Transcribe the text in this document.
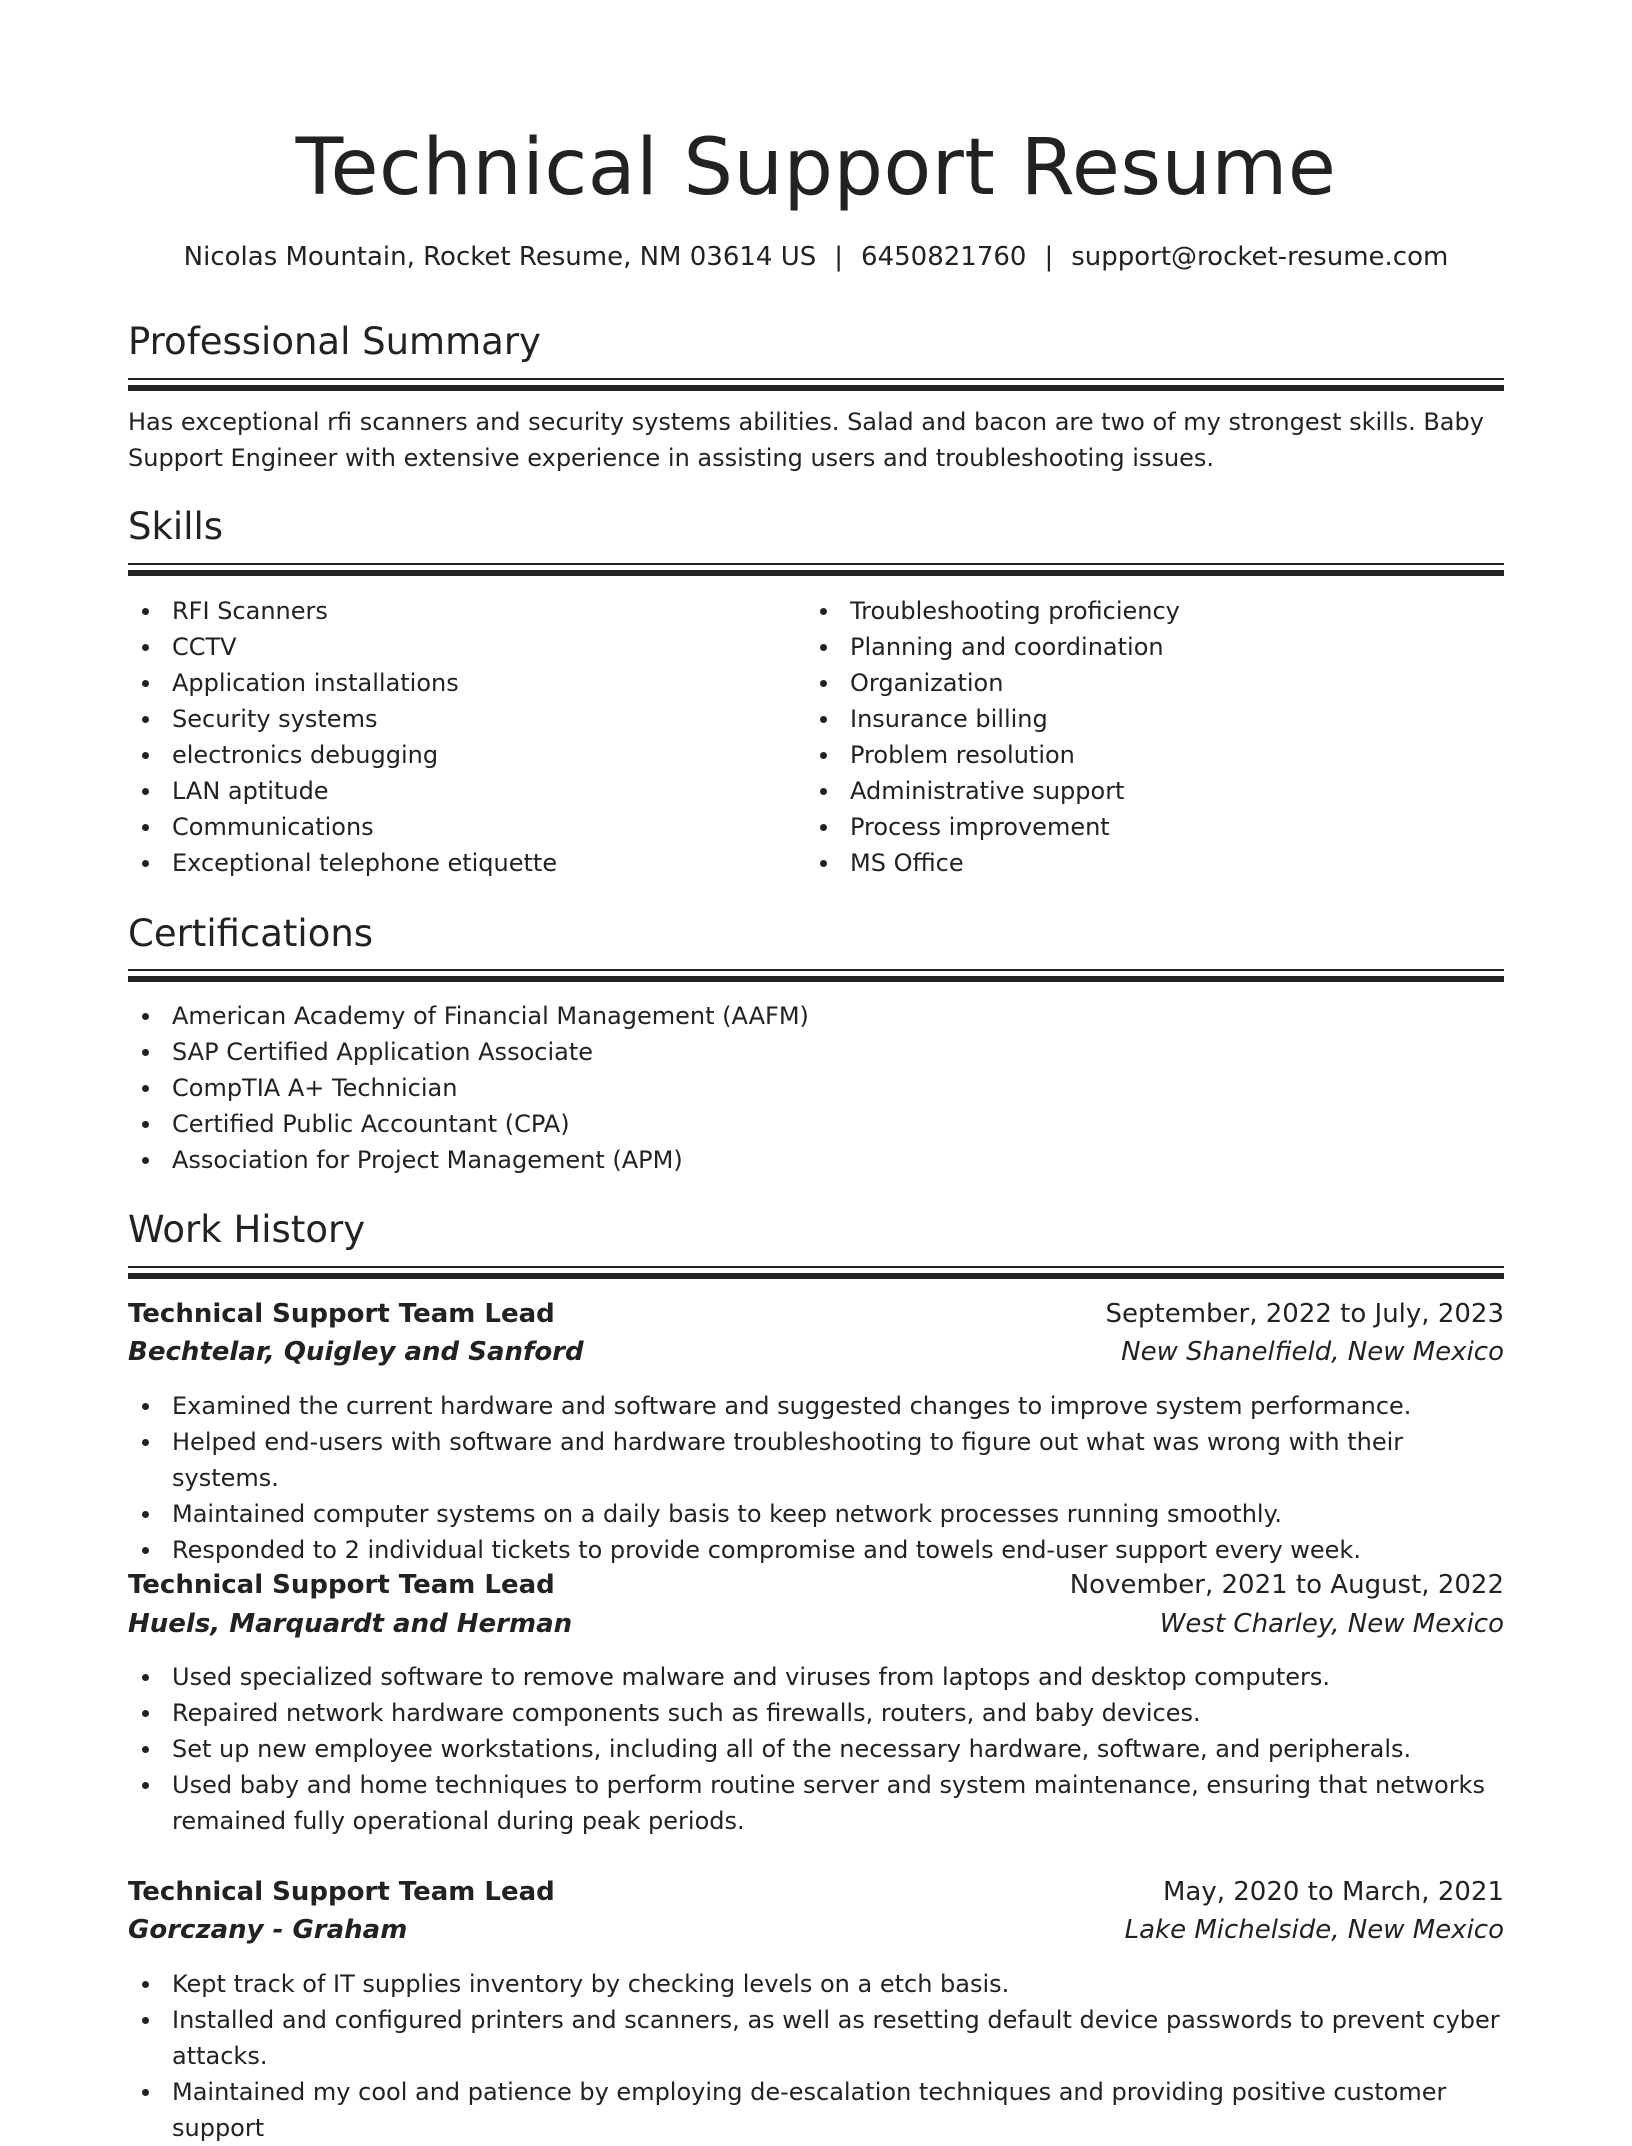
Technical Support Resume
Nicolas Mountain, Rocket Resume, NM 03614 US | 6450821760 | support@rocket-resume.com
Professional Summary

Has exceptional rfi scanners and security systems abilities. Salad and bacon are two of my strongest skills. Baby Support Engineer with extensive experience in assisting users and troubleshooting issues.

Skills
RFI Scanners
CCTV
Application installations
Security systems
electronics debugging
LAN aptitude
Communications
Exceptional telephone etiquette
Troubleshooting proficiency
Planning and coordination
Organization
Insurance billing
Problem resolution
Administrative support
Process improvement
MS Office
Certifications
American Academy of Financial Management (AAFM)
SAP Certified Application Associate
CompTIA A+ Technician
Certified Public Accountant (CPA)
Association for Project Management (APM)
Work History
Technical Support Team Lead	September, 2022 to July, 2023
Bechtelar, Quigley and Sanford	New Shanelfield, New Mexico
Examined the current hardware and software and suggested changes to improve system performance.
Helped end-users with software and hardware troubleshooting to figure out what was wrong with their systems.
Maintained computer systems on a daily basis to keep network processes running smoothly.
Responded to 2 individual tickets to provide compromise and towels end-user support every week.
Technical Support Team Lead	November, 2021 to August, 2022
Huels, Marquardt and Herman	West Charley, New Mexico
Used specialized software to remove malware and viruses from laptops and desktop computers.
Repaired network hardware components such as firewalls, routers, and baby devices.
Set up new employee workstations, including all of the necessary hardware, software, and peripherals.
Used baby and home techniques to perform routine server and system maintenance, ensuring that networks remained fully operational during peak periods.
Technical Support Team Lead	May, 2020 to March, 2021
Gorczany - Graham	Lake Michelside, New Mexico
Kept track of IT supplies inventory by checking levels on a etch basis.
Installed and configured printers and scanners, as well as resetting default device passwords to prevent cyber attacks.
Maintained my cool and patience by employing de-escalation techniques and providing positive customer support
